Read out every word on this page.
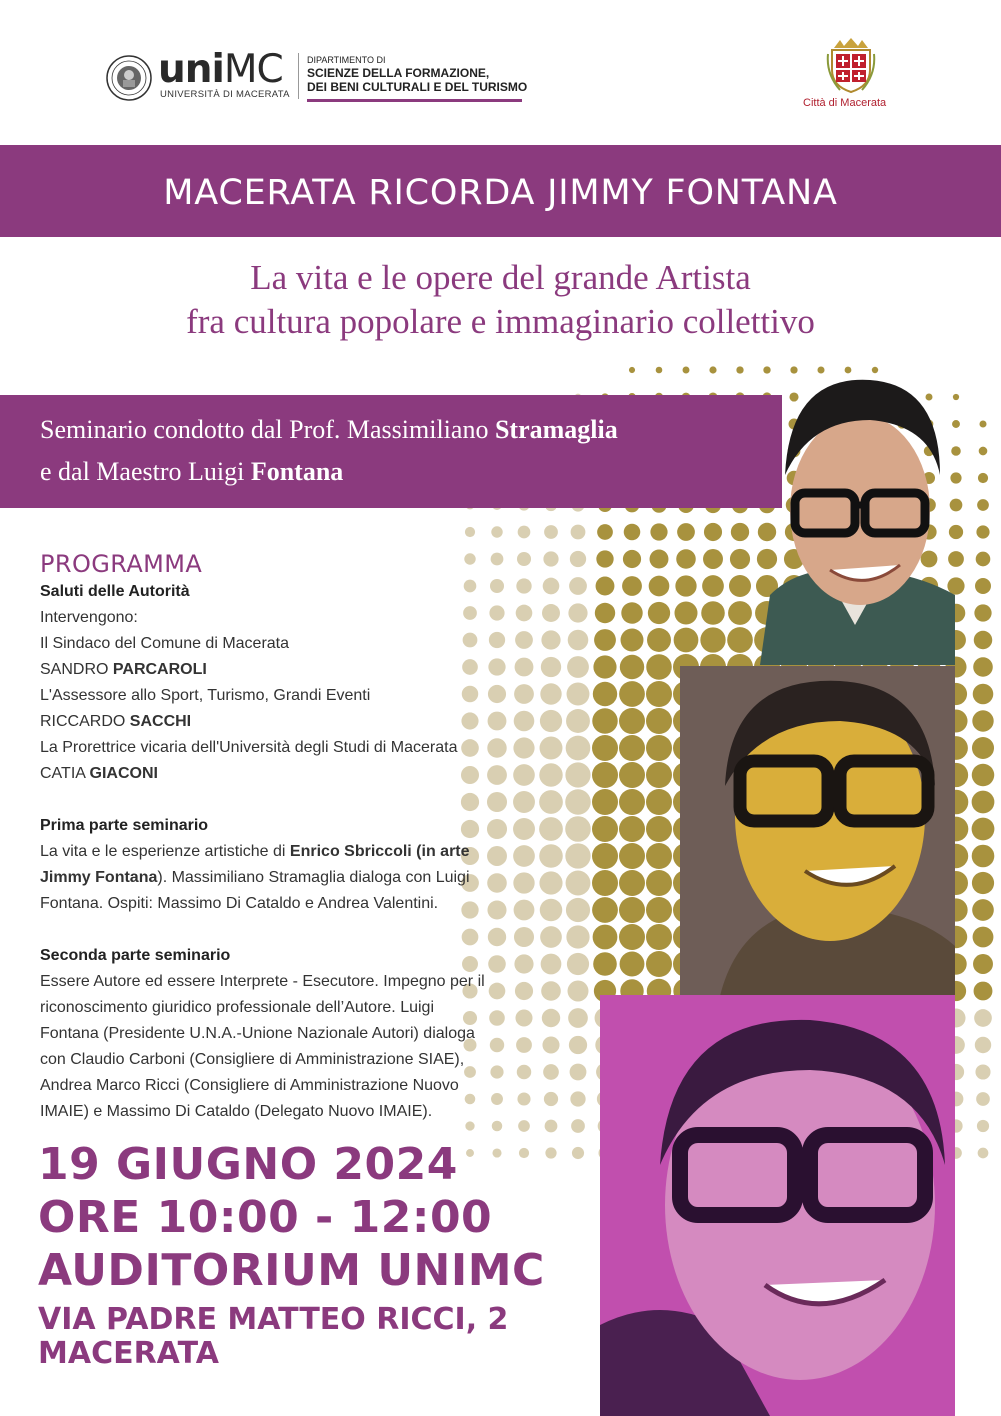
uniMC
UNIVERSITÀ DI MACERATA
DIPARTIMENTO DI
SCIENZE DELLA FORMAZIONE,
DEI BENI CULTURALI E DEL TURISMO
Città di Macerata
MACERATA RICORDA JIMMY FONTANA
La vita e le opere del grande Artista
fra cultura popolare e immaginario collettivo
Seminario condotto dal Prof. Massimiliano Stramaglia
e dal Maestro Luigi Fontana
PROGRAMMA
Saluti delle Autorità
Intervengono:
Il Sindaco del Comune di Macerata
SANDRO PARCAROLI
L'Assessore allo Sport, Turismo, Grandi Eventi
RICCARDO SACCHI
La Prorettrice vicaria dell'Università degli Studi di Macerata
CATIA GIACONI
Prima parte seminario
La vita e le esperienze artistiche di Enrico Sbriccoli (in arte
Jimmy Fontana). Massimiliano Stramaglia dialoga con Luigi
Fontana. Ospiti: Massimo Di Cataldo e Andrea Valentini.
Seconda parte seminario
Essere Autore ed essere Interprete - Esecutore. Impegno per il
riconoscimento giuridico professionale dell’Autore. Luigi
Fontana (Presidente U.N.A.-Unione Nazionale Autori) dialoga
con Claudio Carboni (Consigliere di Amministrazione SIAE),
Andrea Marco Ricci (Consigliere di Amministrazione Nuovo
IMAIE) e Massimo Di Cataldo (Delegato Nuovo IMAIE).
19 GIUGNO 2024
ORE 10:00 - 12:00
AUDITORIUM UNIMC
VIA PADRE MATTEO RICCI, 2
MACERATA
